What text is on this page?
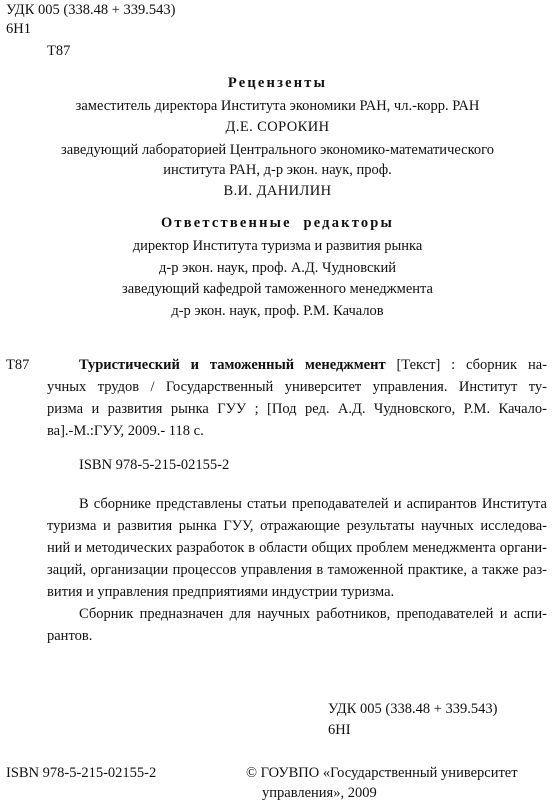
УДК 005 (338.48 + 339.543)
6Н1
Т87
Рецензенты
заместитель директора Института экономики РАН, чл.-корр. РАН
Д.Е. СОРОКИН
заведующий лабораторией Центрального экономико-математического
института РАН, д-р экон. наук, проф.
В.И. ДАНИЛИН
Ответственные  редакторы
директор Института туризма и развития рынка
д-р экон. наук, проф. А.Д. Чудновский
заведующий кафедрой таможенного менеджмента
д-р экон. наук, проф. Р.М. Качалов
Т87	Туристический и таможенный менеджмент [Текст] : сборник на-
учных трудов / Государственный университет управления. Институт ту-
ризма и развития рынка ГУУ ; [Под ред. А.Д. Чудновского, Р.М. Качало-
ва].-М.:ГУУ, 2009.- 118 с.
ISBN 978-5-215-02155-2
В сборнике представлены статьи преподавателей и аспирантов Института
туризма и развития рынка ГУУ, отражающие результаты научных исследова-
ний и методических разработок в области общих проблем менеджмента органи-
заций, организации процессов управления в таможенной практике, а также раз-
вития и управления предприятиями индустрии туризма.
Сборник предназначен для научных работников, преподавателей и аспи-
рантов.
УДК 005 (338.48 + 339.543)
6НI
ISBN 978-5-215-02155-2	© ГОУВПО «Государственный университет
управления», 2009
